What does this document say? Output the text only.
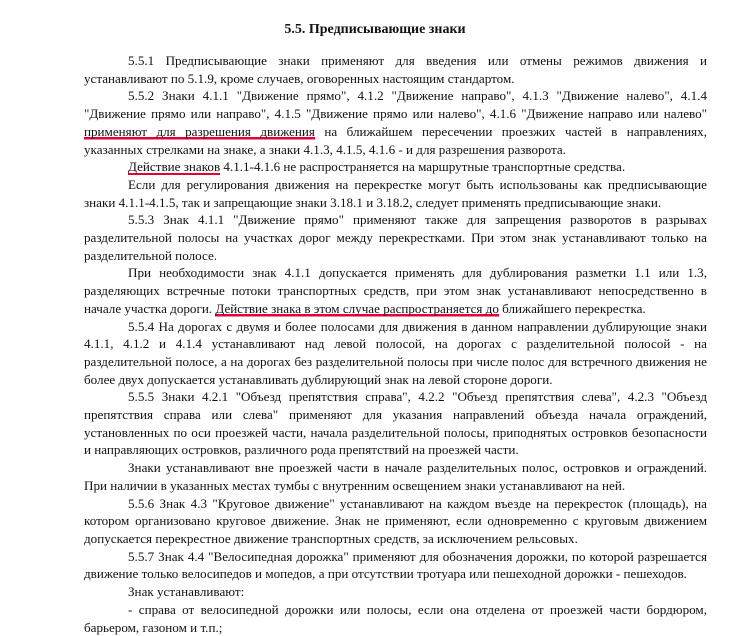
5.5. Предписывающие знаки

5.5.1 Предписывающие знаки применяют для введения или отмены режимов движения и устанавливают по 5.1.9, кроме случаев, оговоренных настоящим стандартом.

5.5.2 Знаки 4.1.1 "Движение прямо", 4.1.2 "Движение направо", 4.1.3 "Движение налево", 4.1.4 "Движение прямо или направо", 4.1.5 "Движение прямо или налево", 4.1.6 "Движение направо или налево" применяют для разрешения движения на ближайшем пересечении проезжих частей в направлениях, указанных стрелками на знаке, а знаки 4.1.3, 4.1.5, 4.1.6 - и для разрешения разворота.

Действие знаков 4.1.1-4.1.6 не распространяется на маршрутные транспортные средства.

Если для регулирования движения на перекрестке могут быть использованы как предписывающие знаки 4.1.1-4.1.5, так и запрещающие знаки 3.18.1 и 3.18.2, следует применять предписывающие знаки.

5.5.3 Знак 4.1.1 "Движение прямо" применяют также для запрещения разворотов в разрывах разделительной полосы на участках дорог между перекрестками. При этом знак устанавливают только на разделительной полосе.

При необходимости знак 4.1.1 допускается применять для дублирования разметки 1.1 или 1.3, разделяющих встречные потоки транспортных средств, при этом знак устанавливают непосредственно в начале участка дороги. Действие знака в этом случае распространяется до ближайшего перекрестка.

5.5.4 На дорогах с двумя и более полосами для движения в данном направлении дублирующие знаки 4.1.1, 4.1.2 и 4.1.4 устанавливают над левой полосой, на дорогах с разделительной полосой - на разделительной полосе, а на дорогах без разделительной полосы при числе полос для встречного движения не более двух допускается устанавливать дублирующий знак на левой стороне дороги.

5.5.5 Знаки 4.2.1 "Объезд препятствия справа", 4.2.2 "Объезд препятствия слева", 4.2.3 "Объезд препятствия справа или слева" применяют для указания направлений объезда начала ограждений, установленных по оси проезжей части, начала разделительной полосы, приподнятых островков безопасности и направляющих островков, различного рода препятствий на проезжей части.

Знаки устанавливают вне проезжей части в начале разделительных полос, островков и ограждений. При наличии в указанных местах тумбы с внутренним освещением знаки устанавливают на ней.

5.5.6 Знак 4.3 "Круговое движение" устанавливают на каждом въезде на перекресток (площадь), на котором организовано круговое движение. Знак не применяют, если одновременно с круговым движением допускается перекрестное движение транспортных средств, за исключением рельсовых.

5.5.7 Знак 4.4 "Велосипедная дорожка" применяют для обозначения дорожки, по которой разрешается движение только велосипедов и мопедов, а при отсутствии тротуара или пешеходной дорожки - пешеходов.

Знак устанавливают:

- справа от велосипедной дорожки или полосы, если она отделена от проезжей части бордюром, барьером, газоном и т.п.;
